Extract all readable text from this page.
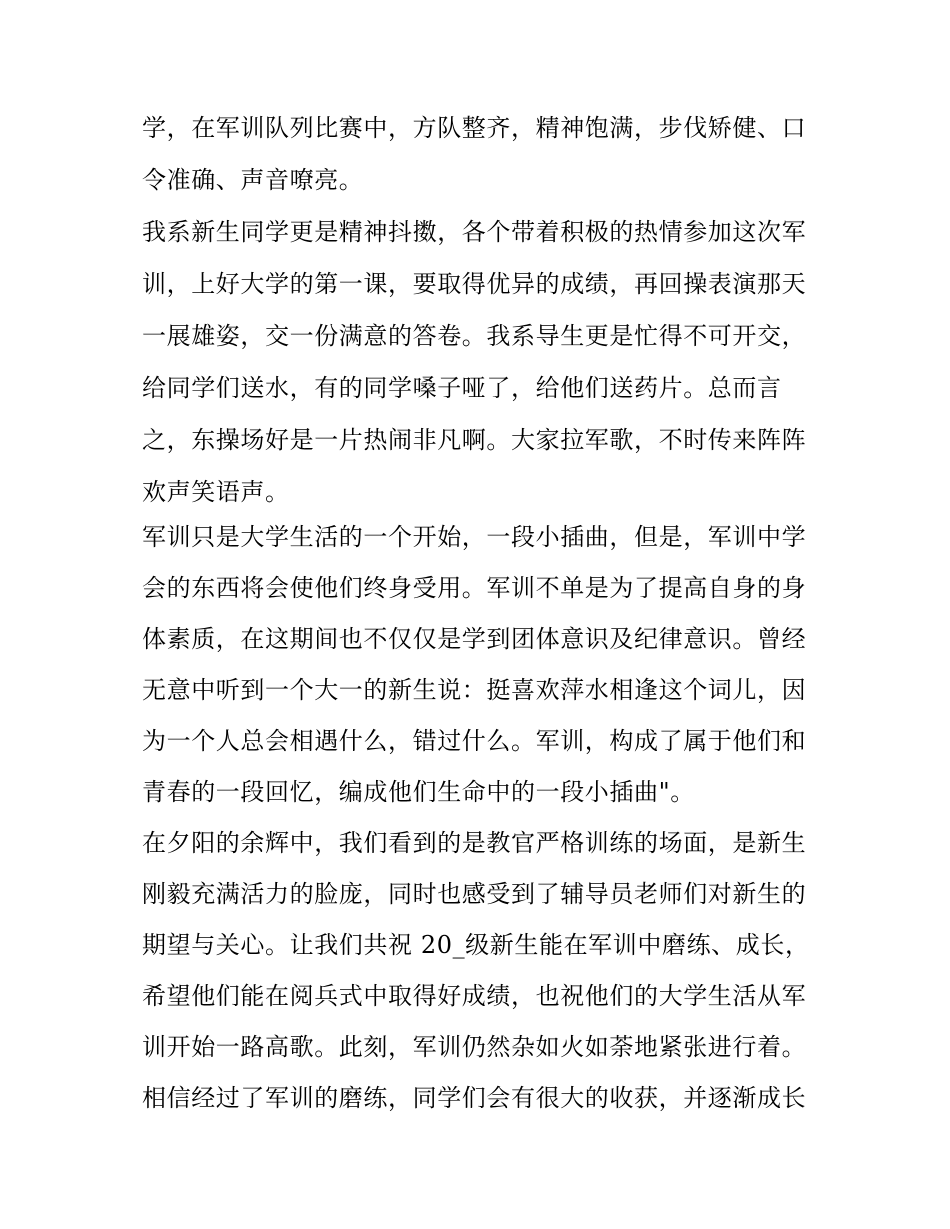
学，在军训队列比赛中，方队整齐，精神饱满，步伐矫健、口

令准确、声音嘹亮。

我系新生同学更是精神抖擞，各个带着积极的热情参加这次军

训，上好大学的第一课，要取得优异的成绩，再回操表演那天

一展雄姿，交一份满意的答卷。我系导生更是忙得不可开交，

给同学们送水，有的同学嗓子哑了，给他们送药片。总而言

之，东操场好是一片热闹非凡啊。大家拉军歌，不时传来阵阵

欢声笑语声。

军训只是大学生活的一个开始，一段小插曲，但是，军训中学

会的东西将会使他们终身受用。军训不单是为了提高自身的身

体素质，在这期间也不仅仅是学到团体意识及纪律意识。曾经

无意中听到一个大一的新生说：挺喜欢萍水相逢这个词儿，因

为一个人总会相遇什么，错过什么。军训，构成了属于他们和

青春的一段回忆，编成他们生命中的一段小插曲"。

在夕阳的余辉中，我们看到的是教官严格训练的场面，是新生

刚毅充满活力的脸庞，同时也感受到了辅导员老师们对新生的

期望与关心。让我们共祝 20_级新生能在军训中磨练、成长，

希望他们能在阅兵式中取得好成绩，也祝他们的大学生活从军

训开始一路高歌。此刻，军训仍然杂如火如荼地紧张进行着。

相信经过了军训的磨练，同学们会有很大的收获，并逐渐成长
